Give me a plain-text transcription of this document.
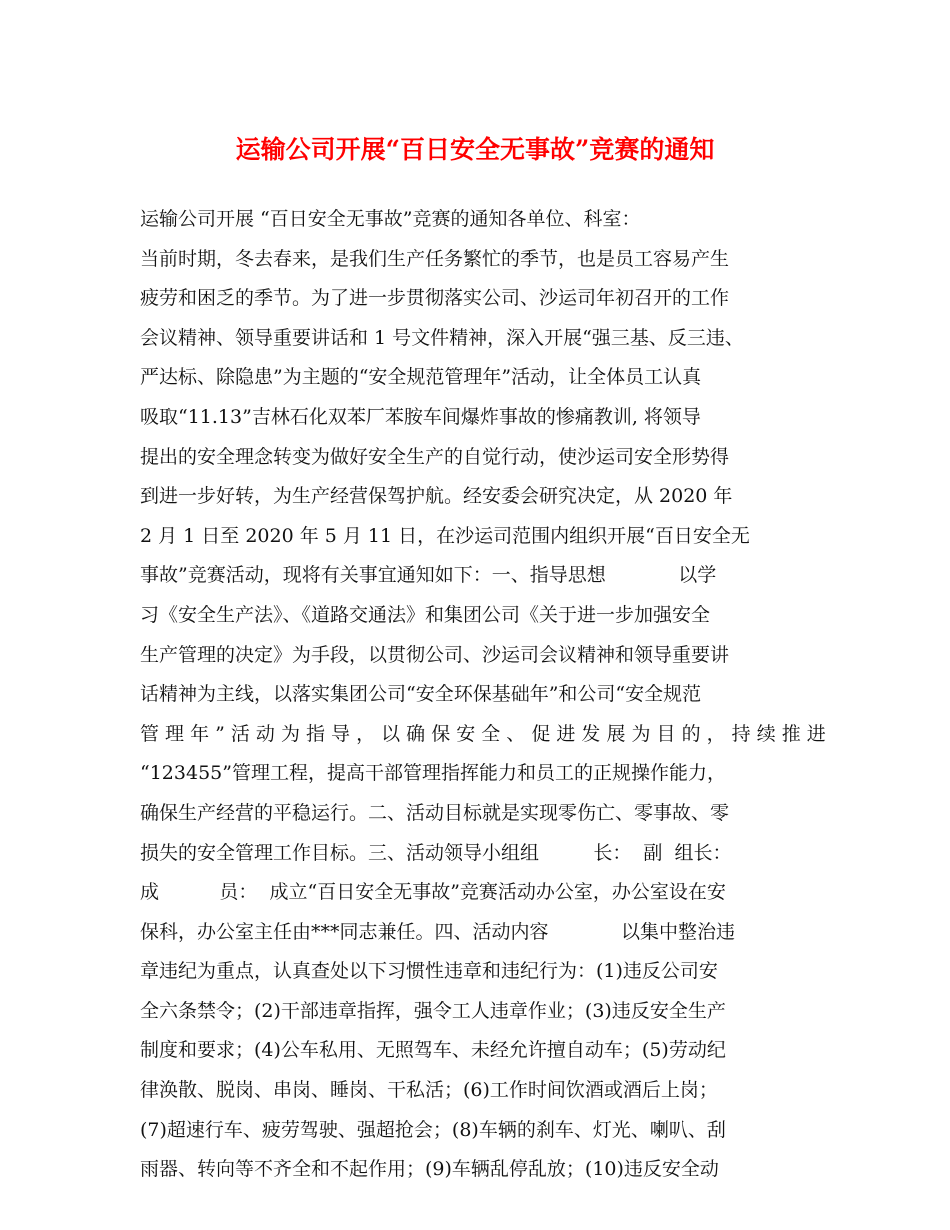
运输公司开展“百日安全无事故”竞赛的通知
运输公司开展 “百日安全无事故”竞赛的通知各单位、科室：
当前时期，冬去春来，是我们生产任务繁忙的季节，也是员工容易产生
疲劳和困乏的季节。为了进一步贯彻落实公司、沙运司年初召开的工作
会议精神、领导重要讲话和 1 号文件精神，深入开展“强三基、反三违、
严达标、除隐患”为主题的“安全规范管理年”活动，让全体员工认真
吸取“11.13”吉林石化双苯厂苯胺车间爆炸事故的惨痛教训, 将领导
提出的安全理念转变为做好安全生产的自觉行动，使沙运司安全形势得
到进一步好转，为生产经营保驾护航。经安委会研究决定，从 2020 年
2 月 1 日至 2020 年 5 月 11 日，在沙运司范围内组织开展“百日安全无
事故”竞赛活动，现将有关事宜通知如下：一、指导思想            以学
习《安全生产法》、《道路交通法》和集团公司《关于进一步加强安全
生产管理的决定》为手段，以贯彻公司、沙运司会议精神和领导重要讲
话精神为主线，以落实集团公司“安全环保基础年”和公司“安全规范
管 理 年 ” 活 动 为 指 导 ， 以 确 保 安 全 、 促 进 发 展 为 目 的 ， 持 续 推 进
“123455”管理工程，提高干部管理指挥能力和员工的正规操作能力，
确保生产经营的平稳运行。二、活动目标就是实现零伤亡、零事故、零
损失的安全管理工作目标。三、活动领导小组组         长：  副  组长：
成          员：  成立“百日安全无事故”竞赛活动办公室，办公室设在安
保科，办公室主任由***同志兼任。四、活动内容            以集中整治违
章违纪为重点，认真查处以下习惯性违章和违纪行为：(1)违反公司安
全六条禁令；(2)干部违章指挥，强令工人违章作业；(3)违反安全生产
制度和要求；(4)公车私用、无照驾车、未经允许擅自动车；(5)劳动纪
律涣散、脱岗、串岗、睡岗、干私活；(6)工作时间饮酒或酒后上岗；
(7)超速行车、疲劳驾驶、强超抢会；(8)车辆的刹车、灯光、喇叭、刮
雨器、转向等不齐全和不起作用；(9)车辆乱停乱放；(10)违反安全动
